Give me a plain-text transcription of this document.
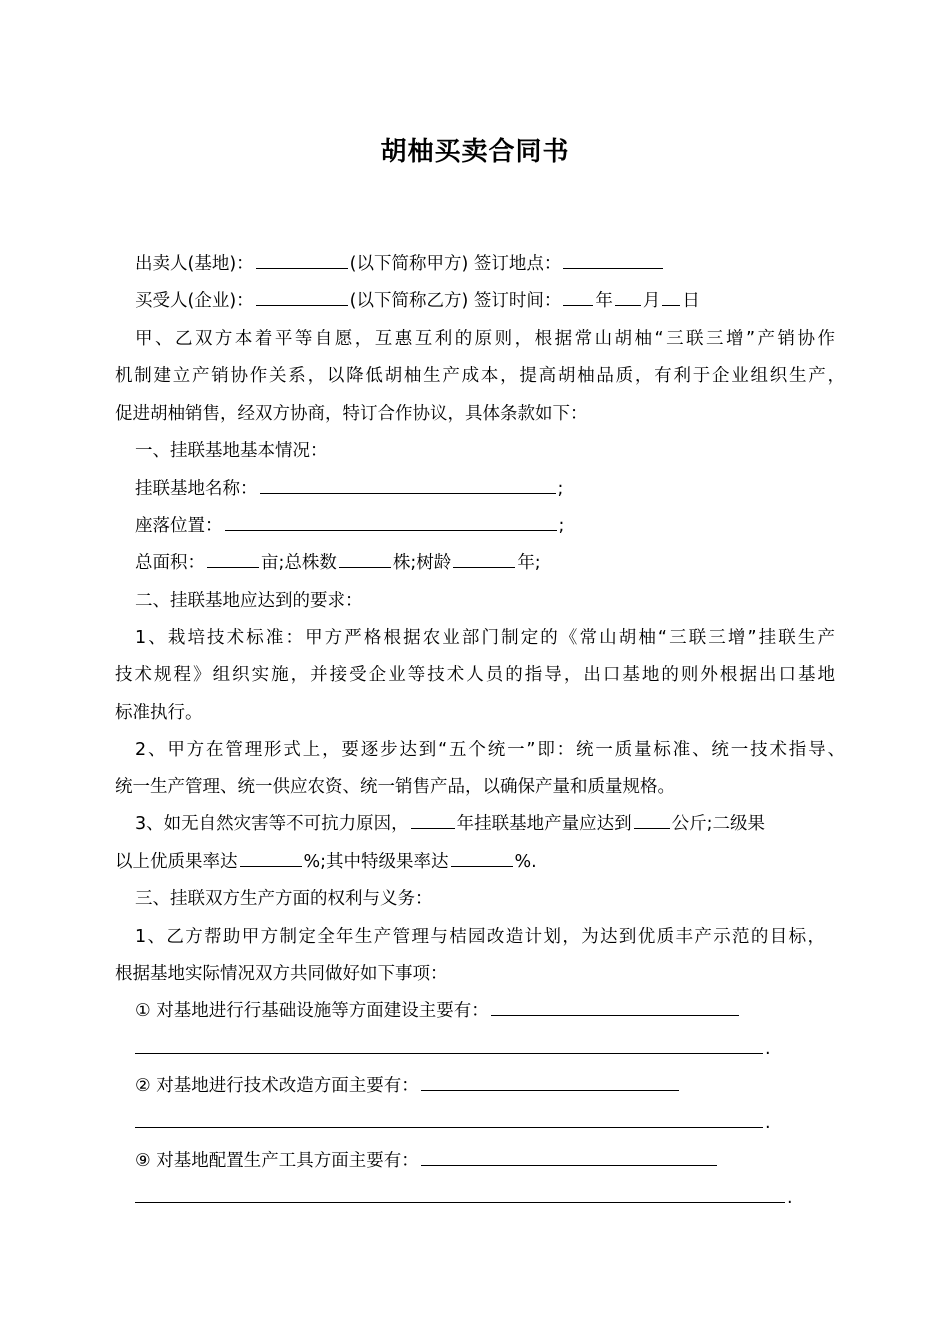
胡柚买卖合同书
出卖人(基地)：	(以下简称甲方) 签订地点：
买受人(企业)：	(以下简称乙方) 签订时间： 年 月 日
甲、乙双方本着平等自愿，互惠互利的原则，根据常山胡柚“三联三增”产销协作
机制建立产销协作关系，以降低胡柚生产成本，提高胡柚品质，有利于企业组织生产，
促进胡柚销售，经双方协商，特订合作协议，具体条款如下：
一、挂联基地基本情况：
挂联基地名称：	;
座落位置：	;
总面积：	亩;总株数	株;树龄	年;
二、挂联基地应达到的要求：
1、栽培技术标准：甲方严格根据农业部门制定的《常山胡柚“三联三增”挂联生产
技术规程》组织实施，并接受企业等技术人员的指导，出口基地的则外根据出口基地
标准执行。
2、甲方在管理形式上，要逐步达到“五个统一”即：统一质量标准、统一技术指导、
统一生产管理、统一供应农资、统一销售产品，以确保产量和质量规格。
3、如无自然灾害等不可抗力原因，	年挂联基地产量应达到 公斤;二级果
以上优质果率达	%;其中特级果率达	%.
三、挂联双方生产方面的权利与义务：
1、乙方帮助甲方制定全年生产管理与桔园改造计划，为达到优质丰产示范的目标，
根据基地实际情况双方共同做好如下事项：
① 对基地进行行基础设施等方面建设主要有：
.
② 对基地进行技术改造方面主要有：
.
⑨ 对基地配置生产工具方面主要有：
.
